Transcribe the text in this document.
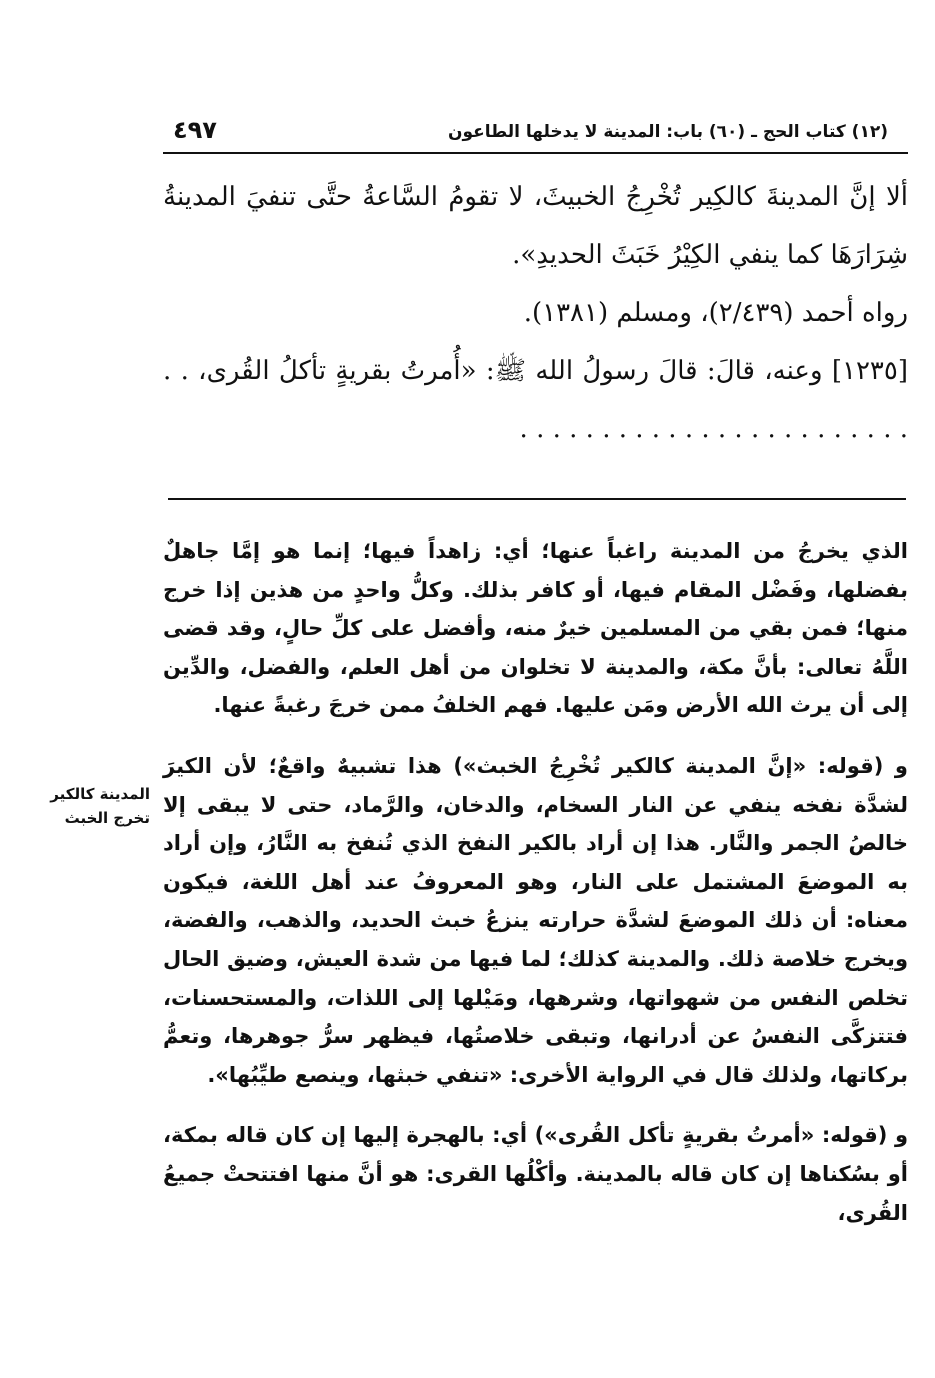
٤٩٧	(١٢) كتاب الحج ـ (٦٠) باب: المدينة لا يدخلها الطاعون

ألا إنَّ المدينةَ كالكِير تُخْرِجُ الخبيثَ، لا تقومُ السَّاعةُ حتَّى تنفيَ المدينةُ شِرَارَهَا كما ينفي الكِيْرُ خَبَثَ الحديدِ».

رواه أحمد (٢/٤٣٩)، ومسلم (١٣٨١).

[١٢٣٥] وعنه، قالَ: قالَ رسولُ الله ﷺ: «أُمرتُ بقريةٍ تأكلُ القُرى، . . . . . . . . . . . . . . . . . . . . . . . . . .

الذي يخرجُ من المدينة راغباً عنها؛ أي: زاهداً فيها؛ إنما هو إمَّا جاهلٌ بفضلها، وفَضْل المقام فيها، أو كافر بذلك. وكلُّ واحدٍ من هذين إذا خرج منها؛ فمن بقي من المسلمين خيرٌ منه، وأفضل على كلِّ حالٍ، وقد قضى اللَّهُ تعالى: بأنَّ مكة، والمدينة لا تخلوان من أهل العلم، والفضل، والدِّين إلى أن يرث الله الأرض ومَن عليها. فهم الخلفُ ممن خرجَ رغبةً عنها.

و (قوله: «إنَّ المدينة كالكير تُخْرِجُ الخبث») هذا تشبيهٌ واقعٌ؛ لأن الكيرَ لشدَّة نفخه ينفي عن النار السخام، والدخان، والرَّماد، حتى لا يبقى إلا خالصُ الجمر والنَّار. هذا إن أراد بالكير النفخ الذي تُنفخ به النَّارُ، وإن أراد به الموضعَ المشتمل على النار، وهو المعروفُ عند أهل اللغة، فيكون معناه: أن ذلك الموضعَ لشدَّة حرارته ينزعُ خبث الحديد، والذهب، والفضة، ويخرج خلاصة ذلك. والمدينة كذلك؛ لما فيها من شدة العيش، وضيق الحال تخلص النفس من شهواتها، وشرهها، ومَيْلها إلى اللذات، والمستحسنات، فتتزكَّى النفسُ عن أدرانها، وتبقى خلاصتُها، فيظهر سرُّ جوهرها، وتعمُّ بركاتها، ولذلك قال في الرواية الأخرى: «تنفي خبثها، وينصع طيِّبُها».

و (قوله: «أمرتُ بقريةٍ تأكل القُرى») أي: بالهجرة إليها إن كان قاله بمكة، أو بسُكناها إن كان قاله بالمدينة. وأكْلُها القرى: هو أنَّ منها افتتحتْ جميعُ القُرى،

المدينة كالكير
تخرج الخبث
